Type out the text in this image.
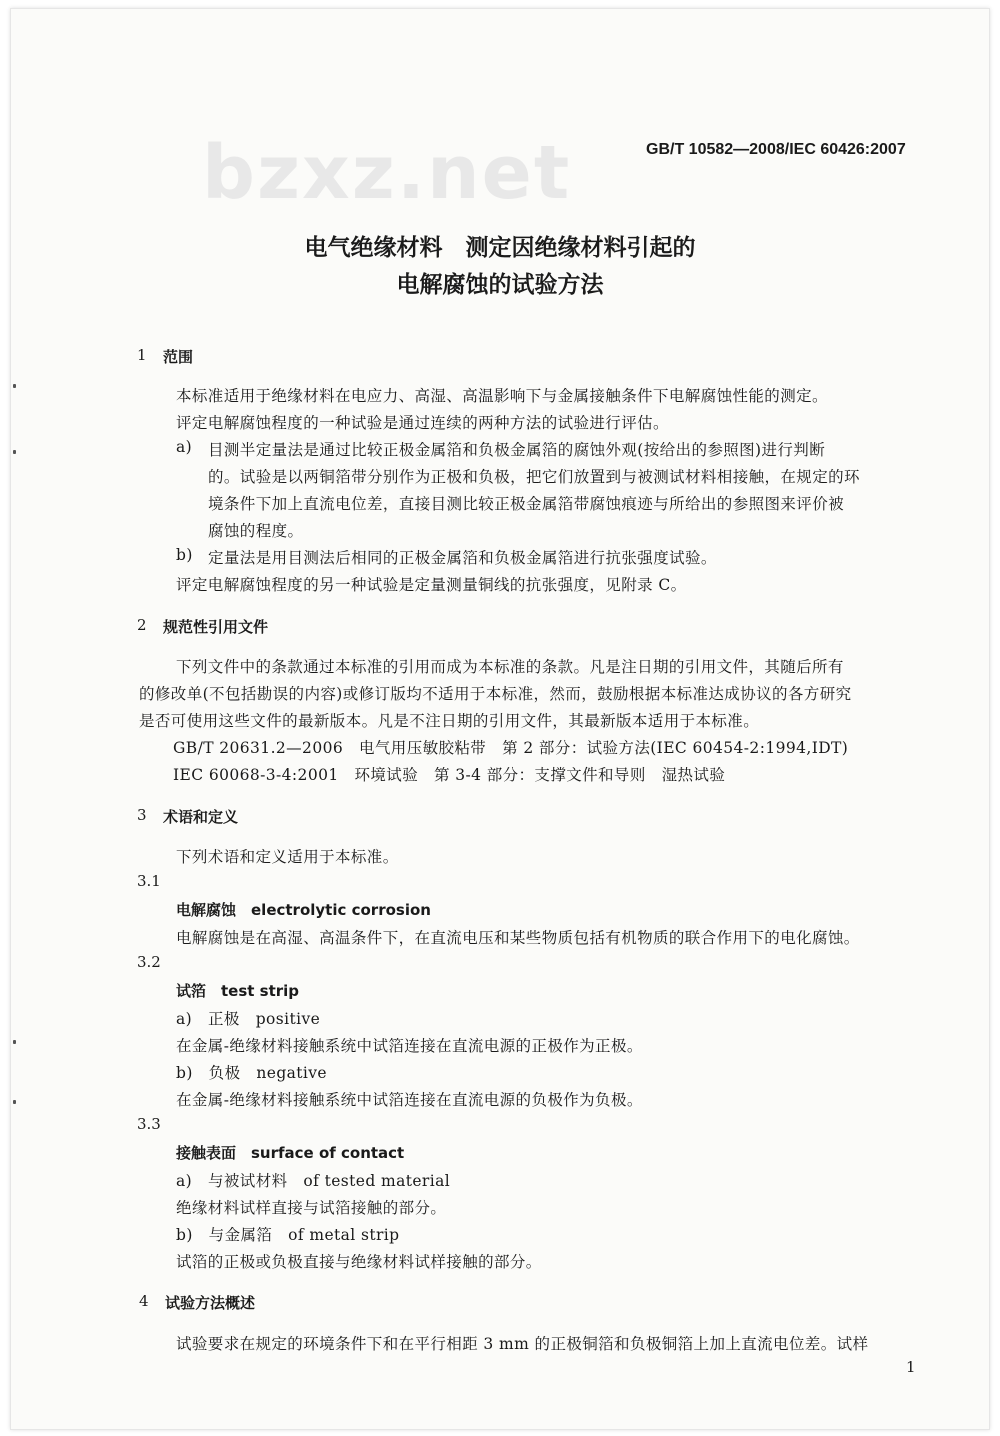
GB/T 10582—2008/IEC 60426:2007
bzxz.net
电气绝缘材料　测定因绝缘材料引起的
电解腐蚀的试验方法
1 范围
本标准适用于绝缘材料在电应力、高湿、高温影响下与金属接触条件下电解腐蚀性能的测定。
评定电解腐蚀程度的一种试验是通过连续的两种方法的试验进行评估。
a) 目测半定量法是通过比较正极金属箔和负极金属箔的腐蚀外观(按给出的参照图)进行判断
的。试验是以两铜箔带分别作为正极和负极，把它们放置到与被测试材料相接触，在规定的环
境条件下加上直流电位差，直接目测比较正极金属箔带腐蚀痕迹与所给出的参照图来评价被
腐蚀的程度。
b) 定量法是用目测法后相同的正极金属箔和负极金属箔进行抗张强度试验。
评定电解腐蚀程度的另一种试验是定量测量铜线的抗张强度，见附录 C。
2 规范性引用文件
下列文件中的条款通过本标准的引用而成为本标准的条款。凡是注日期的引用文件，其随后所有
的修改单(不包括勘误的内容)或修订版均不适用于本标准，然而，鼓励根据本标准达成协议的各方研究
是否可使用这些文件的最新版本。凡是不注日期的引用文件，其最新版本适用于本标准。
GB/T 20631.2—2006　电气用压敏胶粘带　第 2 部分：试验方法(IEC 60454-2:1994,IDT)
IEC 60068-3-4:2001　环境试验　第 3-4 部分：支撑文件和导则　湿热试验
3 术语和定义
下列术语和定义适用于本标准。
3.1
电解腐蚀　electrolytic corrosion
电解腐蚀是在高湿、高温条件下，在直流电压和某些物质包括有机物质的联合作用下的电化腐蚀。
3.2
试箔　test strip
a)　正极　positive
在金属-绝缘材料接触系统中试箔连接在直流电源的正极作为正极。
b)　负极　negative
在金属-绝缘材料接触系统中试箔连接在直流电源的负极作为负极。
3.3
接触表面　surface of contact
a)　与被试材料　of tested material
绝缘材料试样直接与试箔接触的部分。
b)　与金属箔　of metal strip
试箔的正极或负极直接与绝缘材料试样接触的部分。
4 试验方法概述
试验要求在规定的环境条件下和在平行相距 3 mm 的正极铜箔和负极铜箔上加上直流电位差。试样
1
